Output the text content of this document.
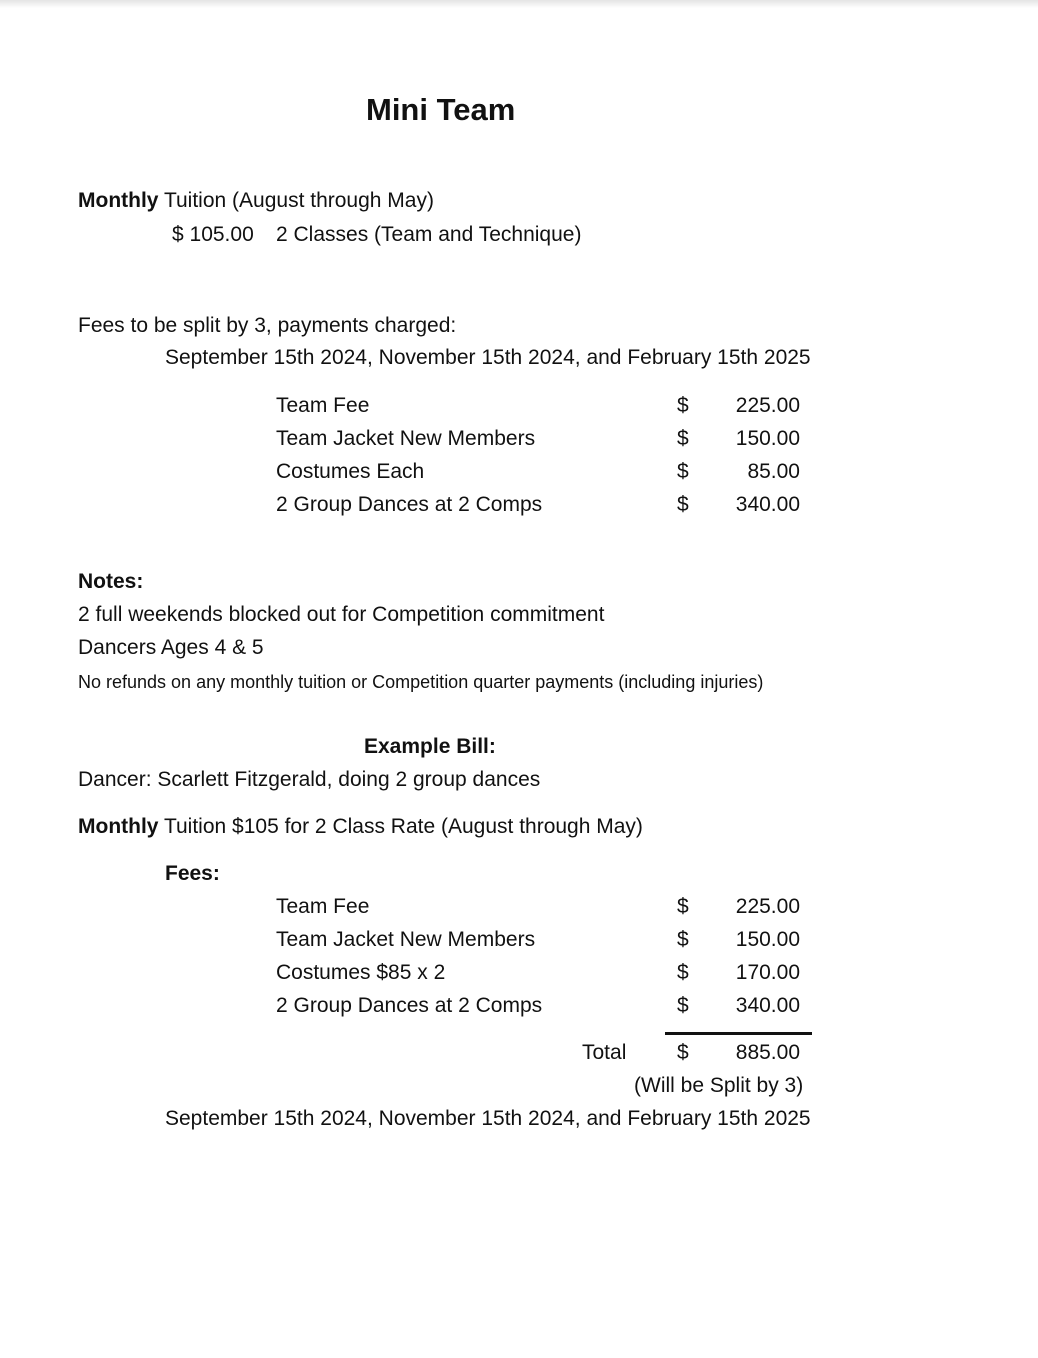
Mini Team
Monthly Tuition (August through May)
$ 105.00 2 Classes (Team and Technique)
Fees to be split by 3, payments charged:
September 15th 2024, November 15th 2024, and February 15th 2025
Team Fee	$	225.00
Team Jacket New Members	$	150.00
Costumes Each	$	85.00
2 Group Dances at 2 Comps	$	340.00
Notes:
2 full weekends blocked out for Competition commitment
Dancers Ages 4 & 5
No refunds on any monthly tuition or Competition quarter payments (including injuries)
Example Bill:
Dancer: Scarlett Fitzgerald, doing 2 group dances
Monthly Tuition $105 for 2 Class Rate (August through May)
Fees:
Team Fee	$	225.00
Team Jacket New Members	$	150.00
Costumes $85 x 2	$	170.00
2 Group Dances at 2 Comps	$	340.00
Total $	885.00
(Will be Split by 3)
September 15th 2024, November 15th 2024, and February 15th 2025
